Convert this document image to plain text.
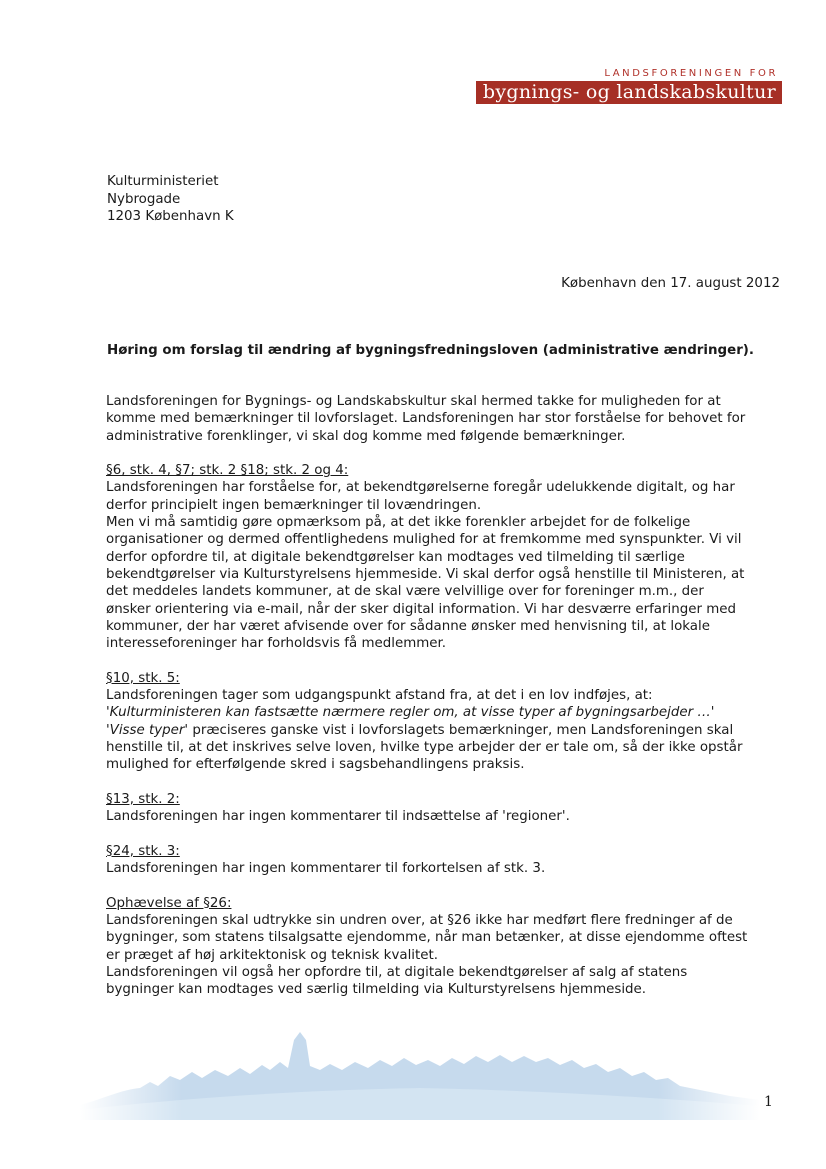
LANDSFORENINGEN FOR
bygnings- og landskabskultur
Kulturministeriet
Nybrogade
1203 København K
København den 17. august 2012
Høring om forslag til ændring af bygningsfredningsloven (administrative ændringer).

Landsforeningen for Bygnings- og Landskabskultur skal hermed takke for muligheden for at
komme med bemærkninger til lovforslaget. Landsforeningen har stor forståelse for behovet for
administrative forenklinger, vi skal dog komme med følgende bemærkninger.

§6, stk. 4, §7; stk. 2 §18; stk. 2 og 4:
Landsforeningen har forståelse for, at bekendtgørelserne foregår udelukkende digitalt, og har
derfor principielt ingen bemærkninger til lovændringen.
Men vi må samtidig gøre opmærksom på, at det ikke forenkler arbejdet for de folkelige
organisationer og dermed offentlighedens mulighed for at fremkomme med synspunkter. Vi vil
derfor opfordre til, at digitale bekendtgørelser kan modtages ved tilmelding til særlige
bekendtgørelser via Kulturstyrelsens hjemmeside. Vi skal derfor også henstille til Ministeren, at
det meddeles landets kommuner, at de skal være velvillige over for foreninger m.m., der
ønsker orientering via e-mail, når der sker digital information. Vi har desværre erfaringer med
kommuner, der har været afvisende over for sådanne ønsker med henvisning til, at lokale
interesseforeninger har forholdsvis få medlemmer.

§10, stk. 5:
Landsforeningen tager som udgangspunkt afstand fra, at det i en lov indføjes, at:
'Kulturministeren kan fastsætte nærmere regler om, at visse typer af bygningsarbejder …'
'Visse typer' præciseres ganske vist i lovforslagets bemærkninger, men Landsforeningen skal
henstille til, at det inskrives selve loven, hvilke type arbejder der er tale om, så der ikke opstår
mulighed for efterfølgende skred i sagsbehandlingens praksis.

§13, stk. 2:
Landsforeningen har ingen kommentarer til indsættelse af 'regioner'.

§24, stk. 3:
Landsforeningen har ingen kommentarer til forkortelsen af stk. 3.

Ophævelse af §26:
Landsforeningen skal udtrykke sin undren over, at §26 ikke har medført flere fredninger af de
bygninger, som statens tilsalgsatte ejendomme, når man betænker, at disse ejendomme oftest
er præget af høj arkitektonisk og teknisk kvalitet.
Landsforeningen vil også her opfordre til, at digitale bekendtgørelser af salg af statens
bygninger kan modtages ved særlig tilmelding via Kulturstyrelsens hjemmeside.

1
